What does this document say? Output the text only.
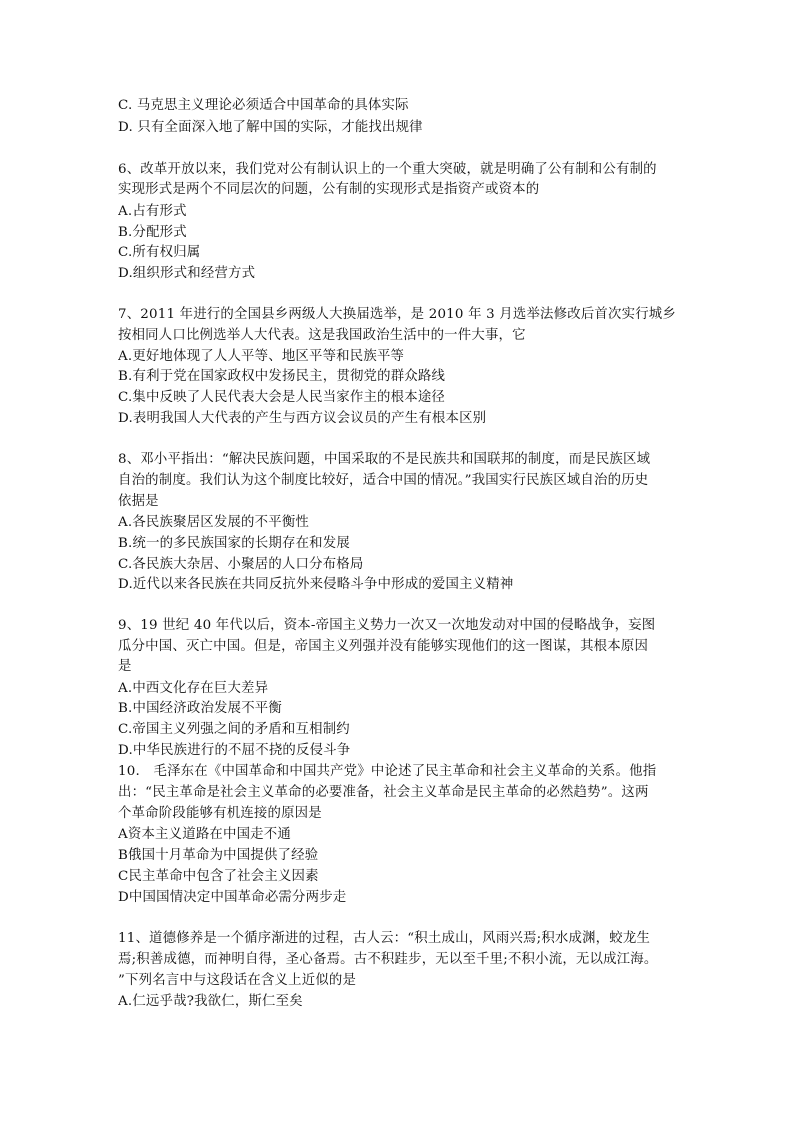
C. 马克思主义理论必须适合中国革命的具体实际
D. 只有全面深入地了解中国的实际，才能找出规律
6、改革开放以来，我们党对公有制认识上的一个重大突破，就是明确了公有制和公有制的
实现形式是两个不同层次的问题，公有制的实现形式是指资产或资本的
A.占有形式
B.分配形式
C.所有权归属
D.组织形式和经营方式
7、2011 年进行的全国县乡两级人大换届选举，是 2010 年 3 月选举法修改后首次实行城乡
按相同人口比例选举人大代表。这是我国政治生活中的一件大事，它
A.更好地体现了人人平等、地区平等和民族平等
B.有利于党在国家政权中发扬民主，贯彻党的群众路线
C.集中反映了人民代表大会是人民当家作主的根本途径
D.表明我国人大代表的产生与西方议会议员的产生有根本区别
8、邓小平指出：“解决民族问题，中国采取的不是民族共和国联邦的制度，而是民族区域
自治的制度。我们认为这个制度比较好，适合中国的情况。”我国实行民族区域自治的历史
依据是
A.各民族聚居区发展的不平衡性
B.统一的多民族国家的长期存在和发展
C.各民族大杂居、小聚居的人口分布格局
D.近代以来各民族在共同反抗外来侵略斗争中形成的爱国主义精神
9、19 世纪 40 年代以后，资本-帝国主义势力一次又一次地发动对中国的侵略战争，妄图
瓜分中国、灭亡中国。但是，帝国主义列强并没有能够实现他们的这一图谋，其根本原因
是
A.中西文化存在巨大差异
B.中国经济政治发展不平衡
C.帝国主义列强之间的矛盾和互相制约
D.中华民族进行的不屈不挠的反侵斗争
10.　毛泽东在《中国革命和中国共产党》中论述了民主革命和社会主义革命的关系。他指
出：“民主革命是社会主义革命的必要准备，社会主义革命是民主革命的必然趋势”。这两
个革命阶段能够有机连接的原因是
A资本主义道路在中国走不通
B俄国十月革命为中国提供了经验
C民主革命中包含了社会主义因素
D中国国情决定中国革命必需分两步走
11、道德修养是一个循序渐进的过程，古人云：“积土成山，风雨兴焉;积水成渊，蛟龙生
焉;积善成德，而神明自得，圣心备焉。古不积跬步，无以至千里;不积小流，无以成江海。
”下列名言中与这段话在含义上近似的是
A.仁远乎哉?我欲仁，斯仁至矣
